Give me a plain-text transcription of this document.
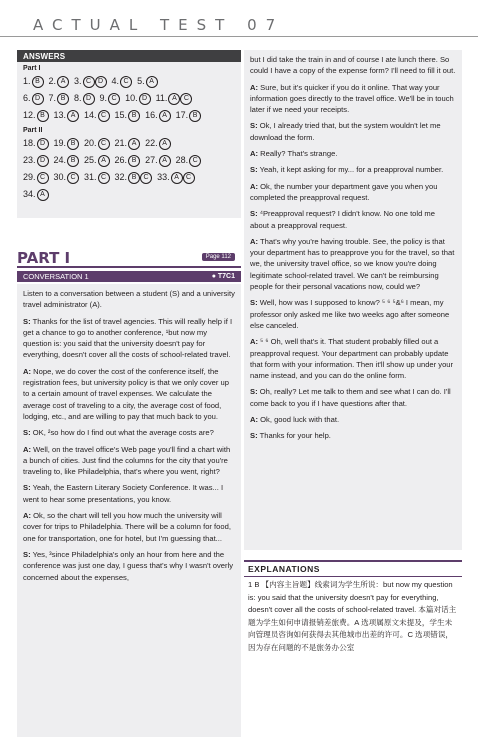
ACTUAL TEST 07
ANSWERS
Part I
1. B 2. A 3. C D 4. C 5. A
6. D 7. B 8. D 9. C 10. D 11. A	C
12. B 13. A 14. C 15. B 16. A 17. B
Part II
18. D 19. B 20. C 21. A 22. A
23. D 24. B 25. A 26. B 27. A 28. C
29. C 30. C 31. C 32. B	C 33. A	C
34. A
PART I	Page 112
CONVERSATION 1	● T7C1

Listen to a conversation between a student (S) and a university travel administrator (A).

S: Thanks for the list of travel agencies. This will really help if I get a chance to go to another conference, ¹but now my question is: you said that the university doesn't pay for everything, doesn't cover all the costs of school-related travel.

A: Nope, we do cover the cost of the conference itself, the registration fees, but university policy is that we only cover up to a certain amount of travel expenses. We calculate the average cost of traveling to a city, the average cost of food, lodging, etc., and are willing to pay that much back to you.

S: OK, ²so how do I find out what the average costs are?

A: Well, on the travel office's Web page you'll find a chart with a bunch of cities. Just find the columns for the city that you're traveling to, like Philadelphia, that's where you went, right?

S: Yeah, the Eastern Literary Society Conference. It was... I went to hear some presentations, you know.

A: Ok, so the chart will tell you how much the university will cover for trips to Philadelphia. There will be a column for food, one for transportation, one for hotel, but I'm guessing that...

S: Yes, ³since Philadelphia's only an hour from here and the conference was just one day, I guess that's why I wasn't overly concerned about the expenses,

but I did take the train in and of course I ate lunch there. So could I have a copy of the expense form? I'll need to fill it out.

A: Sure, but it's quicker if you do it online. That way your information goes directly to the travel office. We'll be in touch later if we need your receipts.

S: Ok, I already tried that, but the system wouldn't let me download the form.

A: Really? That's strange.

S: Yeah, it kept asking for my... for a preapproval number.

A: Ok, the number your department gave you when you completed the preapproval request.

S: ⁴Preapproval request? I didn't know. No one told me about a preapproval request.

A: That's why you're having trouble. See, the policy is that your department has to preapprove you for the travel, so that we, the university travel office, so we know you're doing legitimate school-related travel. We can't be reimbursing people for their personal vacations now, could we?

S: Well, how was I supposed to know? ⁵ ⁶ ⁵&⁶ I mean, my professor only asked me like two weeks ago after someone else canceled.

A: ⁵ ⁶ Oh, well that's it. That student probably filled out a preapproval request. Your department can probably update that form with your information. Then it'll show up under your name instead, and you can do the online form.

S: Oh, really? Let me talk to them and see what I can do. I'll come back to you if I have questions after that.

A: Ok, good luck with that.

S: Thanks for your help.

EXPLANATIONS
1 B 【内容主旨题】线索词为学生所说：but now my question is: you said that the university doesn't pay for everything, doesn't cover all the costs of school-related travel. 本篇对话主题为学生如何申请报销差旅费。A 选项属原文未提及，学生未向管理员咨询如何获得去其他城市出差的许可。C 选项错误，因为存在问题的不是旅务办公室
